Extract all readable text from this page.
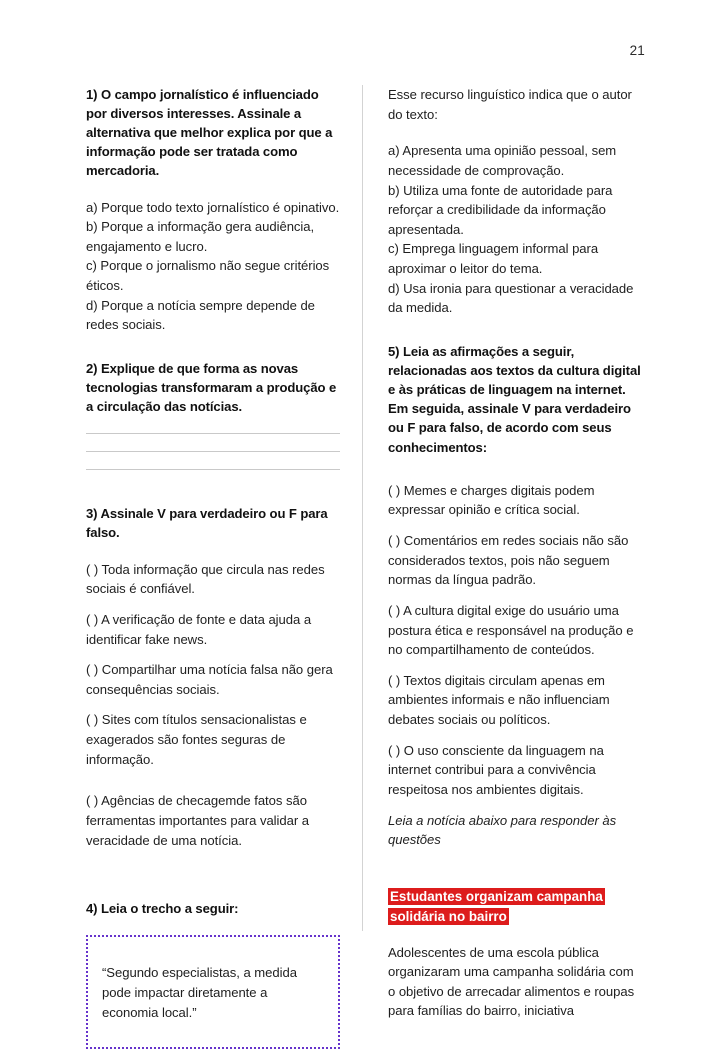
21

1) O campo jornalístico é influenciado por diversos interesses. Assinale a alternativa que melhor explica por que a informação pode ser tratada como mercadoria.

a) Porque todo texto jornalístico é opinativo.

b) Porque a informação gera audiência, engajamento e lucro.

c) Porque o jornalismo não segue critérios éticos.

d) Porque a notícia sempre depende de redes sociais.

2) Explique de que forma as novas tecnologias transformaram a produção e a circulação das notícias.

3) Assinale V para verdadeiro ou F para falso.

( ) Toda informação que circula nas redes sociais é confiável.

( ) A verificação de fonte e data ajuda a identificar fake news.

( ) Compartilhar uma notícia falsa não gera consequências sociais.

( ) Sites com títulos sensacionalistas e exagerados são fontes seguras de informação.

( ) Agências de checagemde fatos são ferramentas importantes para validar a veracidade de uma notícia.

4) Leia o trecho a seguir:

“Segundo especialistas, a medida pode impactar diretamente a economia local.”

Esse recurso linguístico indica que o autor do texto:

a) Apresenta uma opinião pessoal, sem necessidade de comprovação.

b) Utiliza uma fonte de autoridade para reforçar a credibilidade da informação apresentada.

c) Emprega linguagem informal para aproximar o leitor do tema.

d) Usa ironia para questionar a veracidade da medida.

5) Leia as afirmações a seguir, relacionadas aos textos da cultura digital e às práticas de linguagem na internet. Em seguida, assinale V para verdadeiro ou F para falso, de acordo com seus conhecimentos:

( ) Memes e charges digitais podem expressar opinião e crítica social.

( ) Comentários em redes sociais não são considerados textos, pois não seguem normas da língua padrão.

( ) A cultura digital exige do usuário uma postura ética e responsável na produção e no compartilhamento de conteúdos.

( ) Textos digitais circulam apenas em ambientes informais e não influenciam debates sociais ou políticos.

( ) O uso consciente da linguagem na internet contribui para a convivência respeitosa nos ambientes digitais.

Leia a notícia abaixo para responder às questões

Estudantes organizam campanha solidária no bairro

Adolescentes de uma escola pública organizaram uma campanha solidária com o objetivo de arrecadar alimentos e roupas para famílias do bairro, iniciativa
